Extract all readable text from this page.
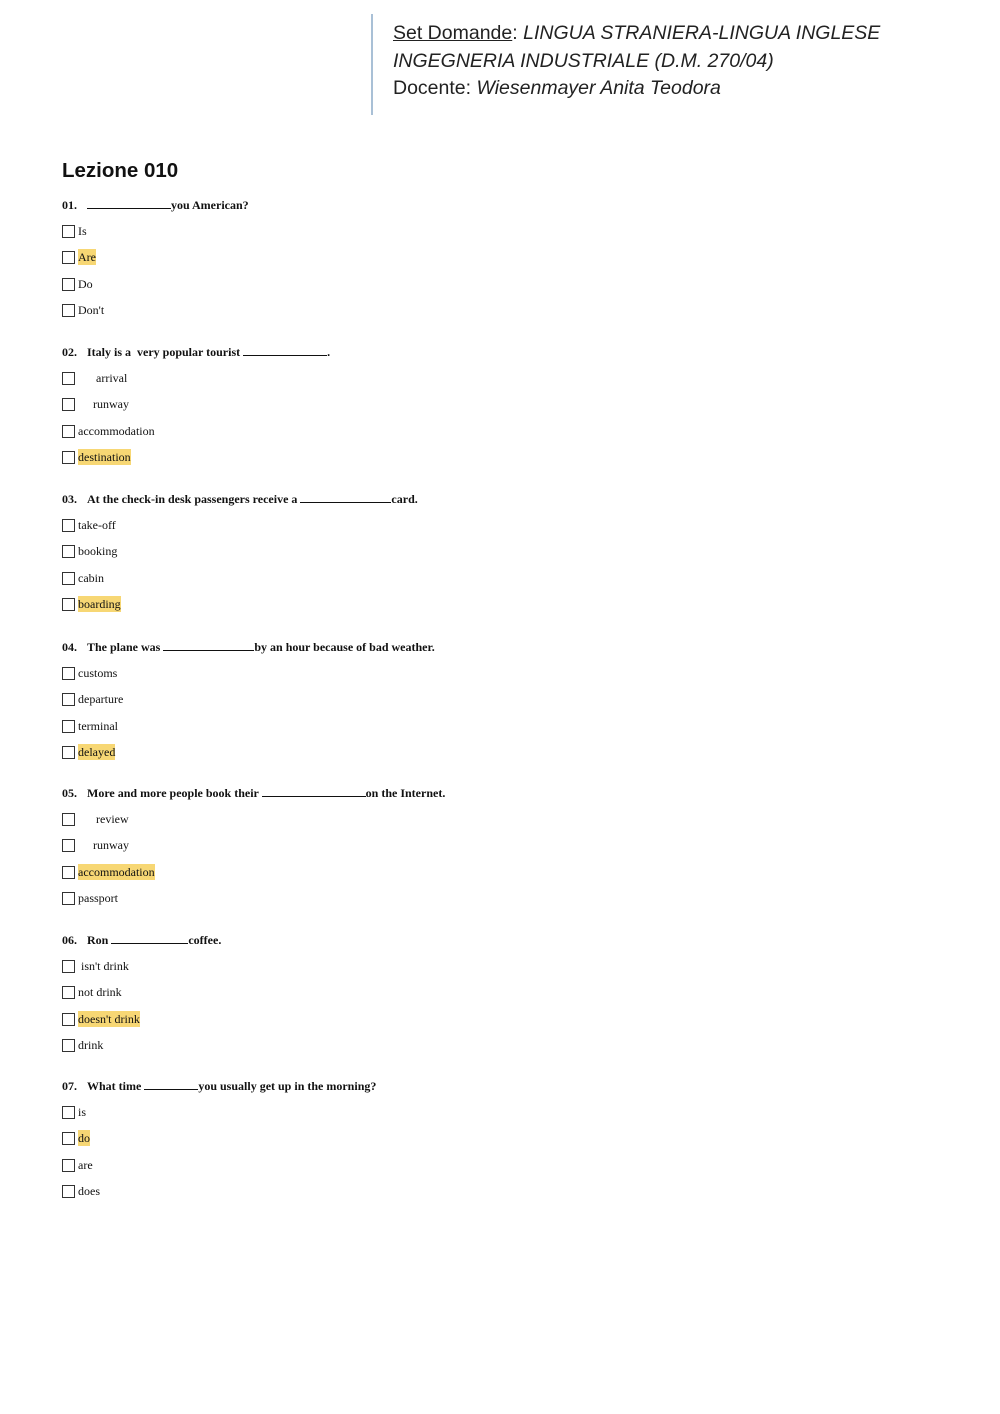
Set Domande: LINGUA STRANIERA-LINGUA INGLESE
INGEGNERIA INDUSTRIALE (D.M. 270/04)
Docente: Wiesenmayer Anita Teodora
Lezione 010
01.	you American?
Is
Are
Do
Don't
02. Italy is a  very popular tourist	.
arrival
runway
accommodation
destination
03. At the check-in desk passengers receive a	card.
take-off
booking
cabin
boarding
04. The plane was	by an hour because of bad weather.
customs
departure
terminal
delayed
05. More and more people book their	on the Internet.
review
runway
accommodation
passport
06. Ron	coffee.
isn't drink
not drink
doesn't drink
drink
07. What time	you usually get up in the morning?
is
do
are
does
